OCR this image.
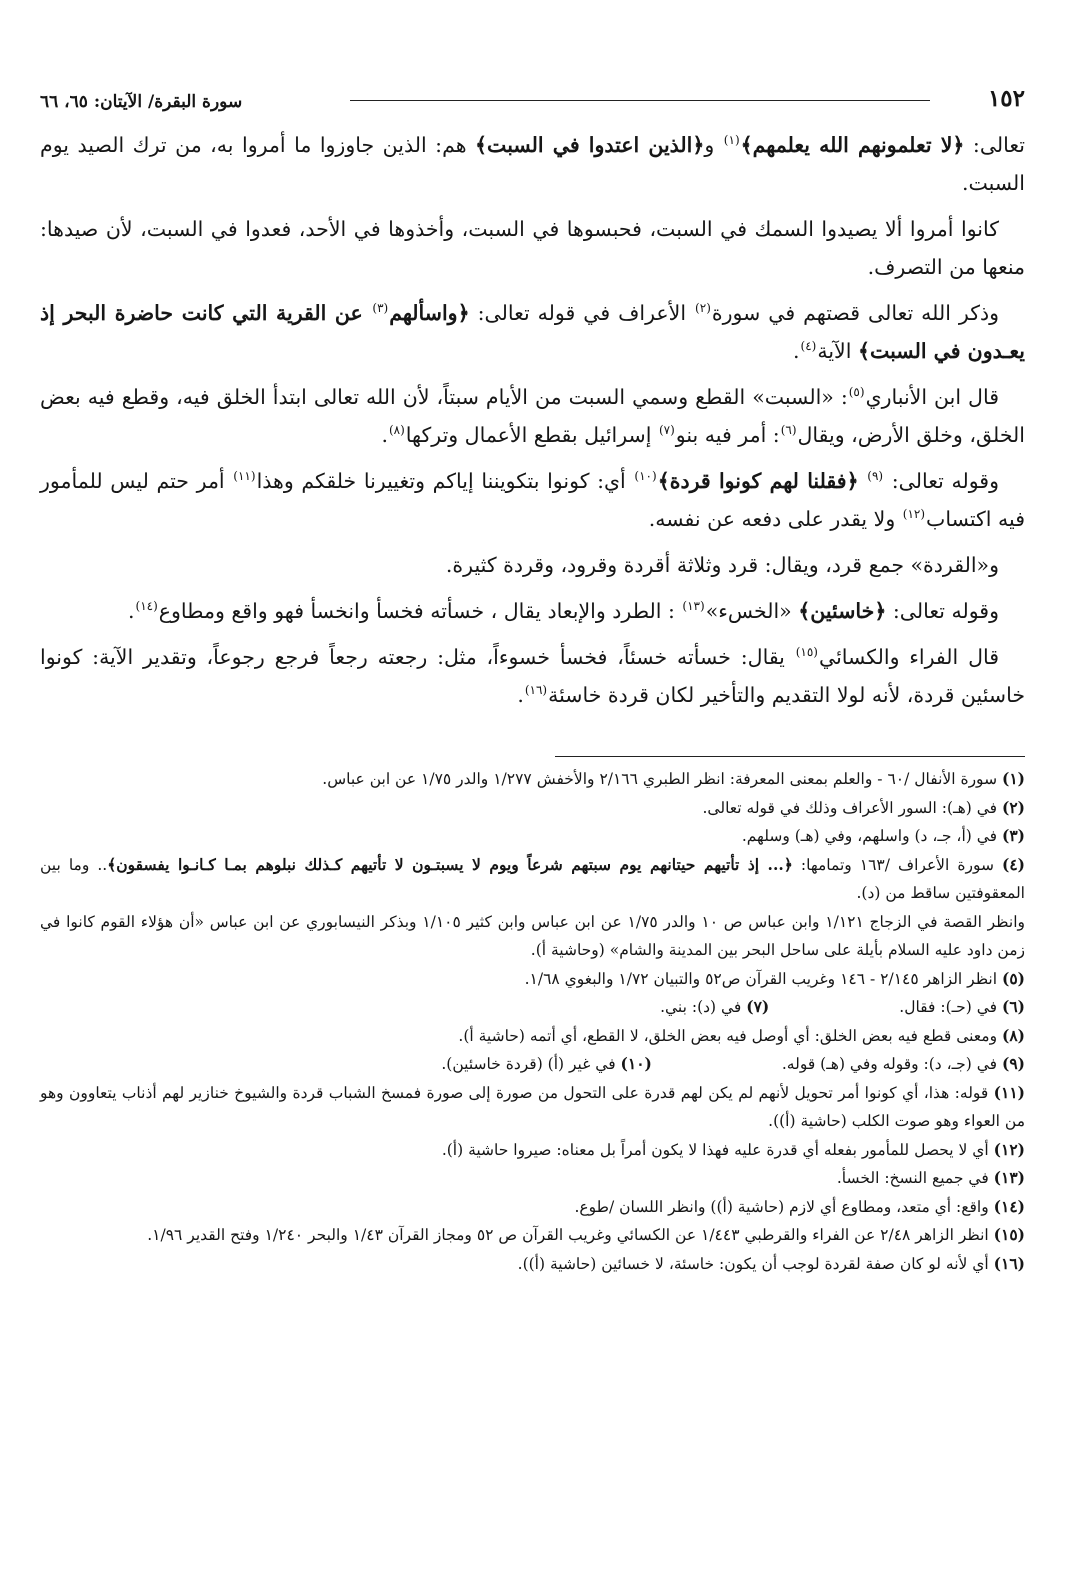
١٥٢
سورة البقرة/ الآيتان: ٦٥، ٦٦

تعالى: ﴿لا تعلمونهم الله يعلمهم﴾$^{(١)}$ و﴿الذين اعتدوا في السبت﴾ هم: الذين جاوزوا ما أمروا به، من ترك الصيد يوم السبت.

كانوا أمروا ألا يصيدوا السمك في السبت، فحبسوها في السبت، وأخذوها في الأحد، فعدوا في السبت، لأن صيدها: منعها من التصرف.

وذكر الله تعالى قصتهم في سورة$^{(٢)}$ الأعراف في قوله تعالى: ﴿واسألهم$^{(٣)}$ عن القرية التي كانت حاضرة البحر إذ يعـدون في السبت﴾ الآية$^{(٤)}$.

قال ابن الأنباري$^{(٥)}$: «السبت» القطع وسمي السبت من الأيام سبتاً، لأن الله تعالى ابتدأ الخلق فيه، وقطع فيه بعض الخلق، وخلق الأرض، ويقال$^{(٦)}$: أمر فيه بنو$^{(٧)}$ إسرائيل بقطع الأعمال وتركها$^{(٨)}$.

وقوله تعالى: $^{(٩)}$ ﴿فقلنا لهم كونوا قردة﴾$^{(١٠)}$ أي: كونوا بتكويننا إياكم وتغييرنا خلقكم وهذا$^{(١١)}$ أمر حتم ليس للمأمور فيه اكتساب$^{(١٢)}$ ولا يقدر على دفعه عن نفسه.

و«القردة» جمع قرد، ويقال: قرد وثلاثة أقردة وقرود، وقردة كثيرة.

وقوله تعالى: ﴿خاسئين﴾ «الخسء»$^{(١٣)}$ : الطرد والإبعاد يقال ، خسأته فخسأ وانخسأ فهو واقع ومطاوع$^{(١٤)}$.

قال الفراء والكسائي$^{(١٥)}$ يقال: خسأته خسئاً، فخسأ خسوءاً، مثل: رجعته رجعاً فرجع رجوعاً، وتقدير الآية: كونوا خاسئين قردة، لأنه لولا التقديم والتأخير لكان قردة خاسئة$^{(١٦)}$.

(١) سورة الأنفال /٦٠ - والعلم بمعنى المعرفة: انظر الطبري ٢/١٦٦ والأخفش ١/٢٧٧ والدر ١/٧٥ عن ابن عباس.

(٢) في (هـ): السور الأعراف وذلك في قوله تعالى.

(٣) في (أ، جـ، د) واسلهم، وفي (هـ) وسلهم.

(٤) سورة الأعراف /١٦٣ وتمامها: ﴿... إذ تأتيهم حيتانهم يوم سبتهم شرعاً ويوم لا يسبتـون لا تأتيهم كـذلك نبلوهم بمـا كـانـوا يفسقون﴾.. وما بين المعقوفتين ساقط من (د).

وانظر القصة في الزجاج ١/١٢١ وابن عباس ص ١٠ والدر ١/٧٥ عن ابن عباس وابن كثير ١/١٠٥ وبذكر النيسابوري عن ابن عباس «أن هؤلاء القوم كانوا في زمن داود عليه السلام بأيلة على ساحل البحر بين المدينة والشام» (وحاشية أ).

(٥) انظر الزاهر ٢/١٤٥ - ١٤٦ وغريب القرآن ص٥٢ والتبيان ١/٧٢ والبغوي ١/٦٨.

(٦) في (حـ): فقال.
(٧) في (د): بني.

(٨) ومعنى قطع فيه بعض الخلق: أي أوصل فيه بعض الخلق، لا القطع، أي أتمه (حاشية أ).

(٩) في (جـ، د): وقوله وفي (هـ) قوله.
(١٠) في غير (أ) (قردة خاسئين).

(١١) قوله: هذا، أي كونوا أمر تحويل لأنهم لم يكن لهم قدرة على التحول من صورة إلى صورة فمسخ الشباب قردة والشيوخ خنازير لهم أذناب يتعاوون وهو من العواء وهو صوت الكلب (حاشية (أ)).

(١٢) أي لا يحصل للمأمور بفعله أي قدرة عليه فهذا لا يكون أمراً بل معناه: صيروا حاشية (أ).

(١٣) في جميع النسخ: الخسأ.

(١٤) واقع: أي متعد، ومطاوع أي لازم (حاشية (أ)) وانظر اللسان /طوع.

(١٥) انظر الزاهر ٢/٤٨ عن الفراء والقرطبي ١/٤٤٣ عن الكسائي وغريب القرآن ص ٥٢ ومجاز القرآن ١/٤٣ والبحر ١/٢٤٠ وفتح القدير ١/٩٦.

(١٦) أي لأنه لو كان صفة لقردة لوجب أن يكون: خاسئة، لا خسائين (حاشية (أ)).
